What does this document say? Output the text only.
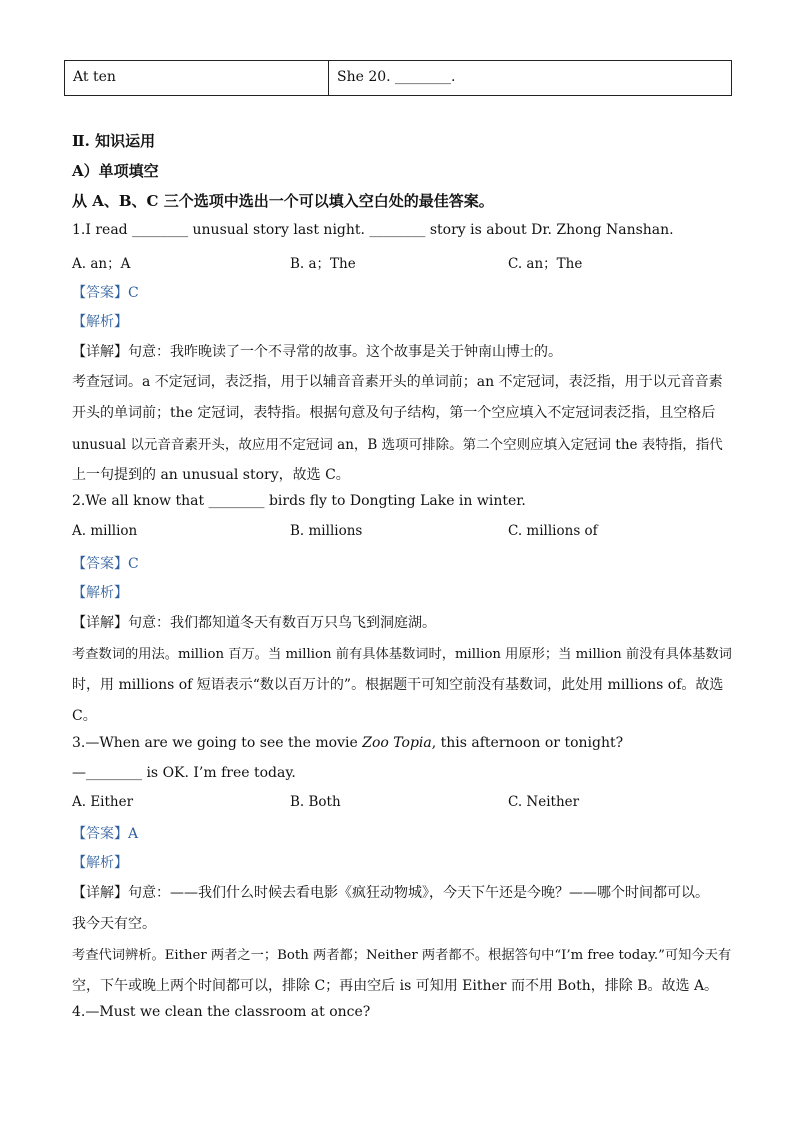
At ten	She 20. ________.
Ⅱ. 知识运用
A）单项填空
从 A、B、C 三个选项中选出一个可以填入空白处的最佳答案。
1.I read ________ unusual story last night. ________ story is about Dr. Zhong Nanshan.
A. an；A	B. a；The	C. an；The
【答案】C
【解析】
【详解】句意：我昨晚读了一个不寻常的故事。这个故事是关于钟南山博士的。
考查冠词。a 不定冠词，表泛指，用于以辅音音素开头的单词前；an 不定冠词，表泛指，用于以元音音素
开头的单词前；the 定冠词，表特指。根据句意及句子结构，第一个空应填入不定冠词表泛指，且空格后
unusual 以元音音素开头，故应用不定冠词 an，B 选项可排除。第二个空则应填入定冠词 the 表特指，指代
上一句提到的 an unusual story，故选 C。
2.We all know that ________ birds fly to Dongting Lake in winter.
A. million	B. millions	C. millions of
【答案】C
【解析】
【详解】句意：我们都知道冬天有数百万只鸟飞到洞庭湖。
考查数词的用法。million 百万。当 million 前有具体基数词时，million 用原形；当 million 前没有具体基数词
时，用 millions of 短语表示“数以百万计的”。根据题干可知空前没有基数词，此处用 millions of。故选
C。
3.—When are we going to see the movie Zoo Topia, this afternoon or tonight?
—________ is OK. I’m free today.
A. Either	B. Both	C. Neither
【答案】A
【解析】
【详解】句意：——我们什么时候去看电影《疯狂动物城》，今天下午还是今晚？——哪个时间都可以。
我今天有空。
考查代词辨析。Either 两者之一；Both 两者都；Neither 两者都不。根据答句中“I’m free today.”可知今天有
空，下午或晚上两个时间都可以，排除 C；再由空后 is 可知用 Either 而不用 Both，排除 B。故选 A。
4.—Must we clean the classroom at once?
